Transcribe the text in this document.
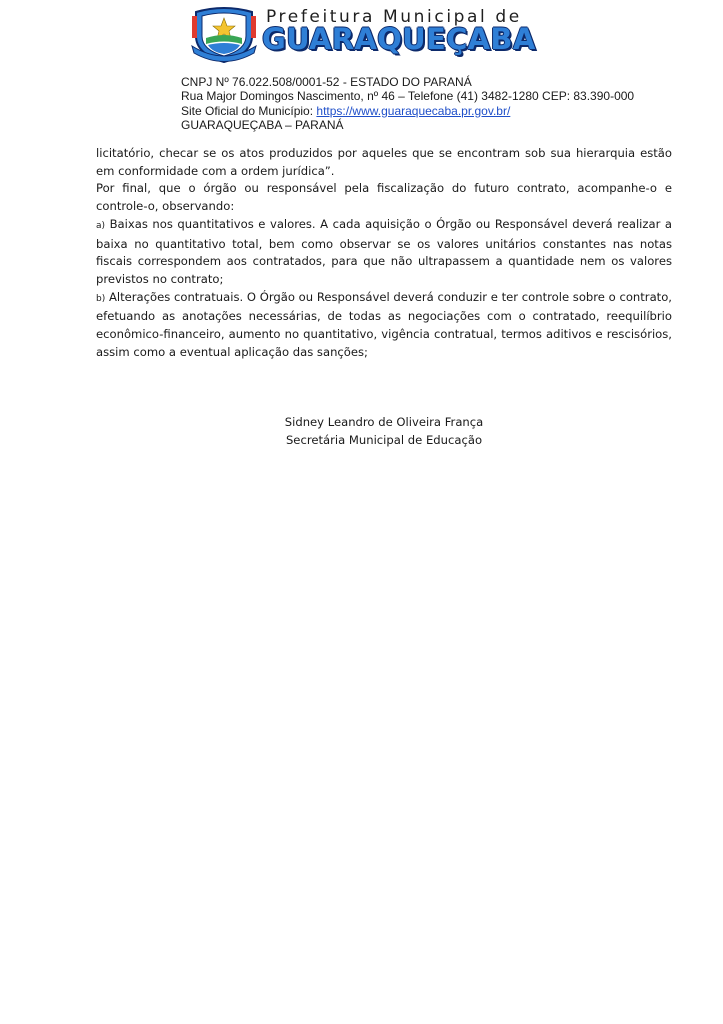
Prefeitura Municipal de
GUARAQUEÇABA
CNPJ Nº 76.022.508/0001-52 - ESTADO DO PARANÁ
Rua Major Domingos Nascimento, nº 46 – Telefone (41) 3482-1280 CEP: 83.390-000
Site Oficial do Município: https://www.guaraquecaba.pr.gov.br/
GUARAQUEÇABA – PARANÁ

licitatório, checar se os atos produzidos por aqueles que se encontram sob sua hierarquia estão em conformidade com a ordem jurídica”.

Por final, que o órgão ou responsável pela fiscalização do futuro contrato, acompanhe-o e controle-o, observando:

a) Baixas nos quantitativos e valores. A cada aquisição o Órgão ou Responsável deverá realizar a baixa no quantitativo total, bem como observar se os valores unitários constantes nas notas fiscais correspondem aos contratados, para que não ultrapassem a quantidade nem os valores previstos no contrato;

b) Alterações contratuais. O Órgão ou Responsável deverá conduzir e ter controle sobre o contrato, efetuando as anotações necessárias, de todas as negociações com o contratado, reequilíbrio econômico-financeiro, aumento no quantitativo, vigência contratual, termos aditivos e rescisórios, assim como a eventual aplicação das sanções;

Sidney Leandro de Oliveira França
Secretária Municipal de Educação
